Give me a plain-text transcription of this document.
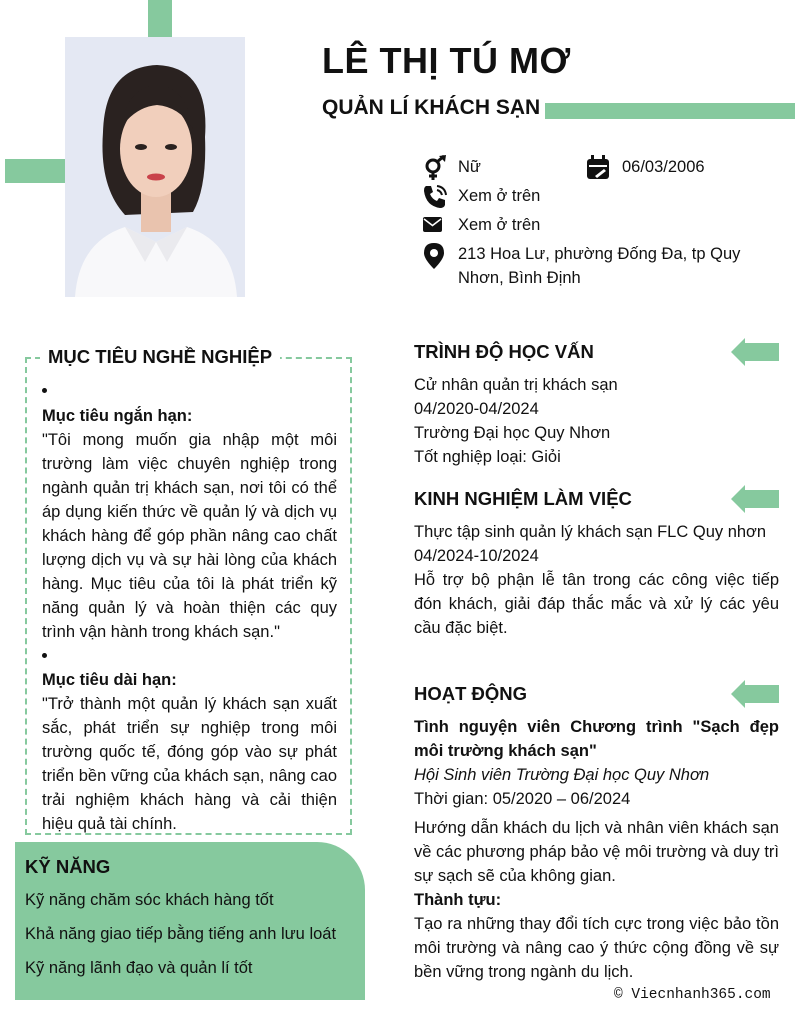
LÊ THỊ TÚ MƠ
QUẢN LÍ KHÁCH SẠN
Nữ	06/03/2006
Xem ở trên
Xem ở trên
213 Hoa Lư, phường Đống Đa, tp Quy Nhơn, Bình Định
MỤC TIÊU NGHỀ NGHIỆP
Mục tiêu ngắn hạn:
"Tôi mong muốn gia nhập một môi trường làm việc chuyên nghiệp trong ngành quản trị khách sạn, nơi tôi có thể áp dụng kiến thức về quản lý và dịch vụ khách hàng để góp phần nâng cao chất lượng dịch vụ và sự hài lòng của khách hàng. Mục tiêu của tôi là phát triển kỹ năng quản lý và hoàn thiện các quy trình vận hành trong khách sạn."
Mục tiêu dài hạn:
"Trở thành một quản lý khách sạn xuất sắc, phát triển sự nghiệp trong môi trường quốc tế, đóng góp vào sự phát triển bền vững của khách sạn, nâng cao trải nghiệm khách hàng và cải thiện hiệu quả tài chính.
KỸ NĂNG
Kỹ năng chăm sóc khách hàng tốt
Khả năng giao tiếp bằng tiếng anh lưu loát
Kỹ năng lãnh đạo và quản lí tốt
TRÌNH ĐỘ HỌC VẤN
Cử nhân quản trị khách sạn
04/2020-04/2024
Trường Đại học Quy Nhơn
Tốt nghiệp loại: Giỏi
KINH NGHIỆM LÀM VIỆC
Thực tập sinh quản lý khách sạn FLC Quy nhơn
04/2024-10/2024
Hỗ trợ bộ phận lễ tân trong các công việc tiếp đón khách, giải đáp thắc mắc và xử lý các yêu cầu đặc biệt.
HOẠT ĐỘNG
Tình nguyện viên Chương trình "Sạch đẹp môi trường khách sạn"
Hội Sinh viên Trường Đại học Quy Nhơn
Thời gian: 05/2020 – 06/2024
Hướng dẫn khách du lịch và nhân viên khách sạn về các phương pháp bảo vệ môi trường và duy trì sự sạch sẽ của không gian.
Thành tựu:
Tạo ra những thay đổi tích cực trong việc bảo tồn môi trường và nâng cao ý thức cộng đồng về sự bền vững trong ngành du lịch.
© Viecnhanh365.com
